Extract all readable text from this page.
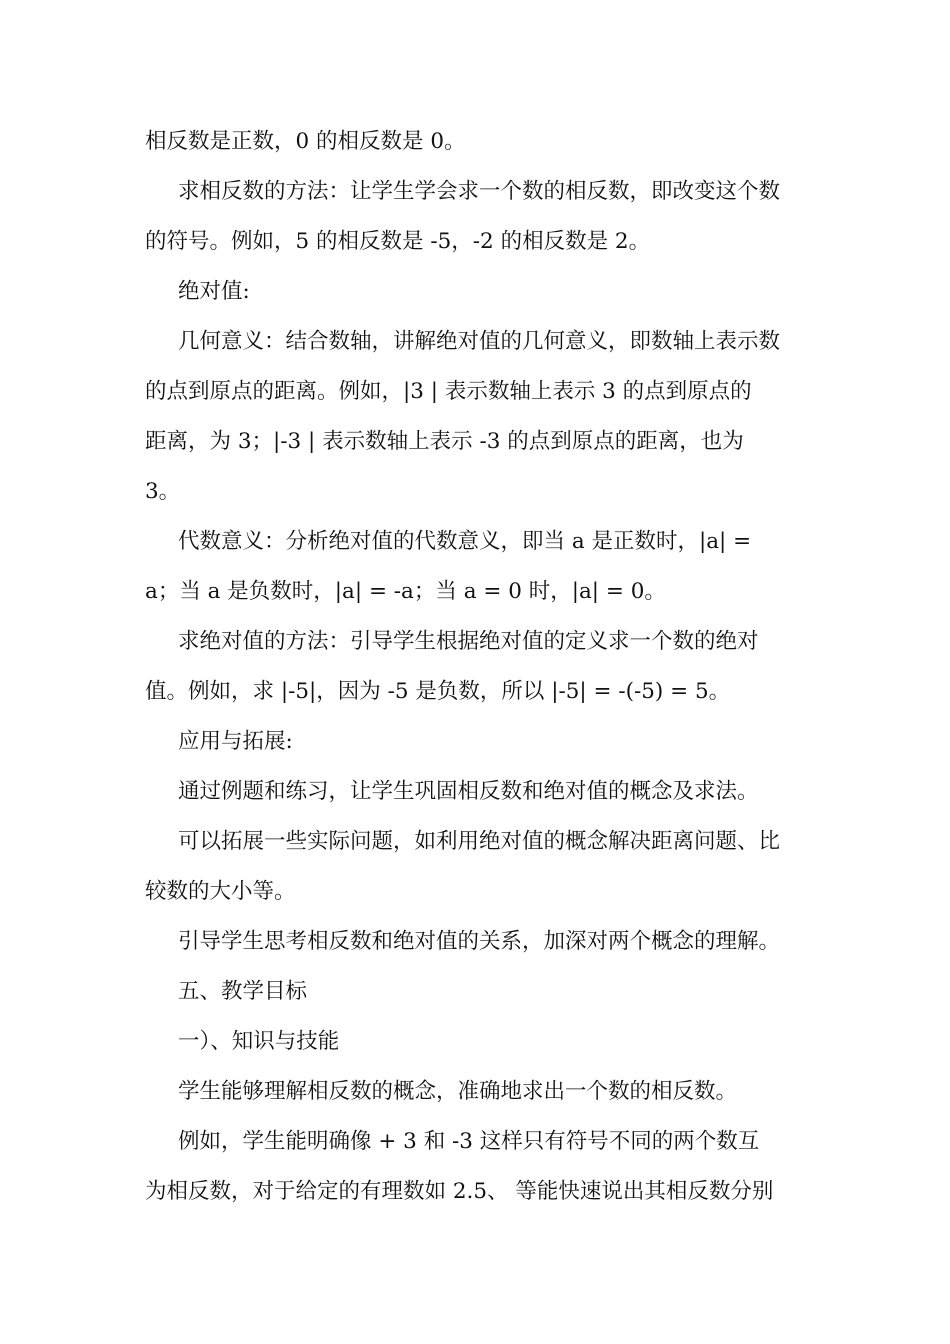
相反数是正数，0 的相反数是 0。
求相反数的方法：让学生学会求一个数的相反数，即改变这个数
的符号。例如，5 的相反数是 -5，-2 的相反数是 2。
绝对值:
几何意义：结合数轴，讲解绝对值的几何意义，即数轴上表示数
的点到原点的距离。例如，|3 | 表示数轴上表示 3 的点到原点的
距离，为 3；|-3 | 表示数轴上表示 -3 的点到原点的距离，也为
3。
代数意义：分析绝对值的代数意义，即当 a 是正数时，|a| =
a；当 a 是负数时，|a| = -a；当 a = 0 时，|a| = 0。
求绝对值的方法：引导学生根据绝对值的定义求一个数的绝对
值。例如，求 |-5|，因为 -5 是负数，所以 |-5| = -(-5) = 5。
应用与拓展:
通过例题和练习，让学生巩固相反数和绝对值的概念及求法。
可以拓展一些实际问题，如利用绝对值的概念解决距离问题、比
较数的大小等。
引导学生思考相反数和绝对值的关系，加深对两个概念的理解。
五、教学目标
一）、知识与技能
学生能够理解相反数的概念，准确地求出一个数的相反数。
例如，学生能明确像 + 3 和 -3 这样只有符号不同的两个数互
为相反数，对于给定的有理数如 2.5、 等能快速说出其相反数分别
